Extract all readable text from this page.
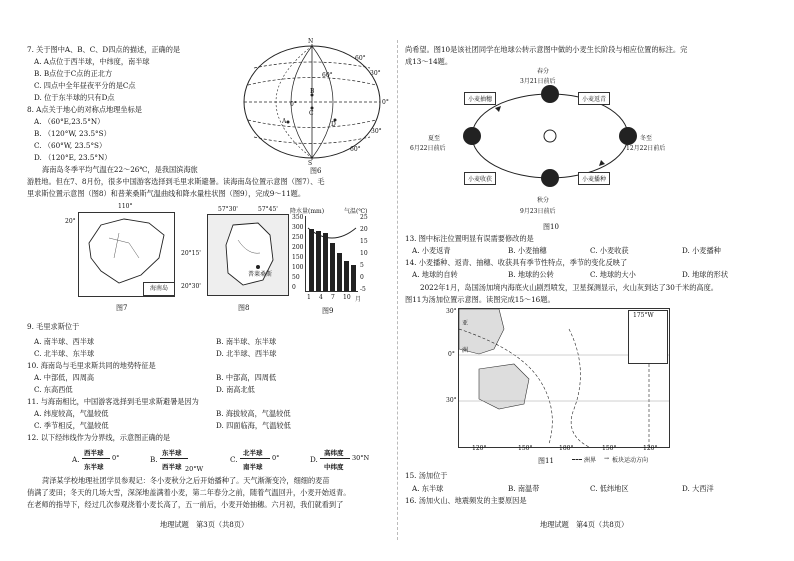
7. 关于图中A、B、C、D四点的描述，正确的是
A. A点位于西半球，中纬度，南半球
B. B点位于C点的正北方
C. 四点中全年昼夜平分的是C点
D. 位于东半球的只有D点
8. A点关于地心的对称点地理坐标是
A. （60°E,23.5°N）
B. （120°W, 23.5°S）
C. （60°W, 23.5°S）
D. （120°E, 23.5°N）
N
S
60°
30°
0°
30°
60°
60°
0°
B
A
C
D
图6
海南岛冬季平均气温在22～26℃，是我国滨海旅
游胜地。但在7、8月份，很多中国游客选择到毛里求斯避暑。读海南岛位置示意图（图7）、毛
里求斯位置示意图（图8）和普莱桑斯气温曲线和降水量柱状图（图9），完成9～11题。
110°
20°
海南岛
图7
57°30'	57°45'
20°15'
20°30'
普莱桑斯
图8
降水量(mm)	气温(℃)
350
300
250
200
150
100
50
0
25
20
15
10
5
0
-5
1 4 7 10 月
图9
9. 毛里求斯位于
A. 南半球、西半球	B. 南半球、东半球
C. 北半球、东半球	D. 北半球、西半球
10. 海南岛与毛里求斯共同的地势特征是
A. 中部低，四周高	B. 中部高，四周低
C. 东高西低	D. 南高北低
11. 与海南相比，中国游客选择到毛里求斯避暑是因为
A. 纬度较高，气温较低	B. 海拔较高，气温较低
C. 季节相反，气温较低	D. 四面临海，气温较低
12. 以下经纬线作为分界线，示意图正确的是
A.
西半球
东半球
0°	B.
东半球
西半球 20°W
C.
北半球
南半球
0°	D.
高纬度
中纬度
30°N
菏泽某学校地理社团学员参观记：冬小麦秋分之后开始播种了。天气渐渐变冷，细细的麦苗
俏满了麦田；冬天的几场大雪，深深地盖满着小麦，第二年春分之前，随着气温回升，小麦开始返青。
在老师的指导下，经过几次参观浇着小麦长高了，五一前后，小麦开始抽穗。六月初，我们就看到了
地理试题　第3页（共8页）
尚希望。图10是该社团同学在地球公转示意图中做的小麦生长阶段与相应位置的标注。完
成13～14题。
春分
3月21日前后
夏至
6月22日前后
冬至
12月22日前后
秋分
9月23日前后
小麦抽穗	小麦返青
小麦收获	小麦播种
图10
13. 图中标注位置明显有误需要修改的是
A. 小麦返青	B. 小麦抽穗	C. 小麦收获	D. 小麦播种
14. 小麦播种、返青、抽穗、收获具有季节性特点，季节的变化反映了
A. 地球的自转	B. 地球的公转	C. 地球的大小	D. 地球的形状
2022年1月，岛国汤加境内海底火山剧烈喷发，卫星探测显示，火山灰到达了30千米的高度。
图11为汤加位置示意图。读图完成15～16题。
175°W
30°
0°
30°
120°	150°	180°	150°	120°
亚
洲
图11	洲界 → 板块运动方向
15. 汤加位于
A. 东半球	B. 南温带	C. 低纬地区	D. 大西洋
16. 汤加火山、地震频发的主要原因是
地理试题　第4页（共8页）
